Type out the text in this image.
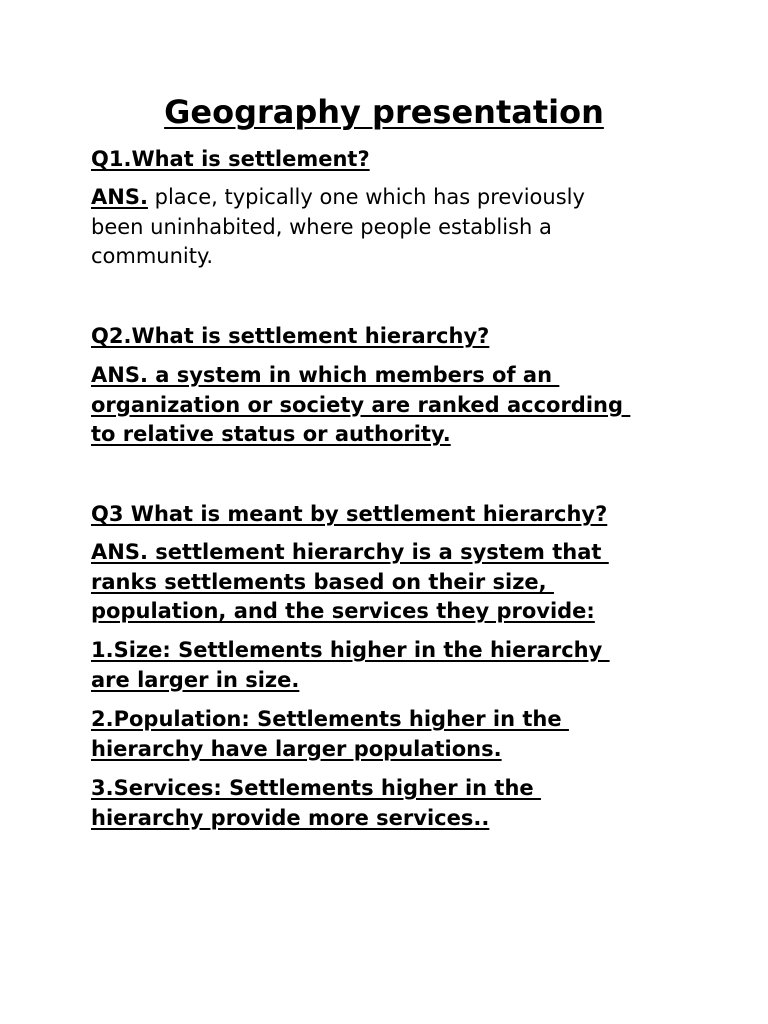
Geography presentation

Q1.What is settlement?

ANS. place, typically one which has previously
been uninhabited, where people establish a
community.

Q2.What is settlement hierarchy?

ANS. a system in which members of an
organization or society are ranked according
to relative status or authority.

Q3 What is meant by settlement hierarchy?

ANS. settlement hierarchy is a system that
ranks settlements based on their size,
population, and the services they provide:

1.Size: Settlements higher in the hierarchy
are larger in size.

2.Population: Settlements higher in the
hierarchy have larger populations.

3.Services: Settlements higher in the
hierarchy provide more services..
